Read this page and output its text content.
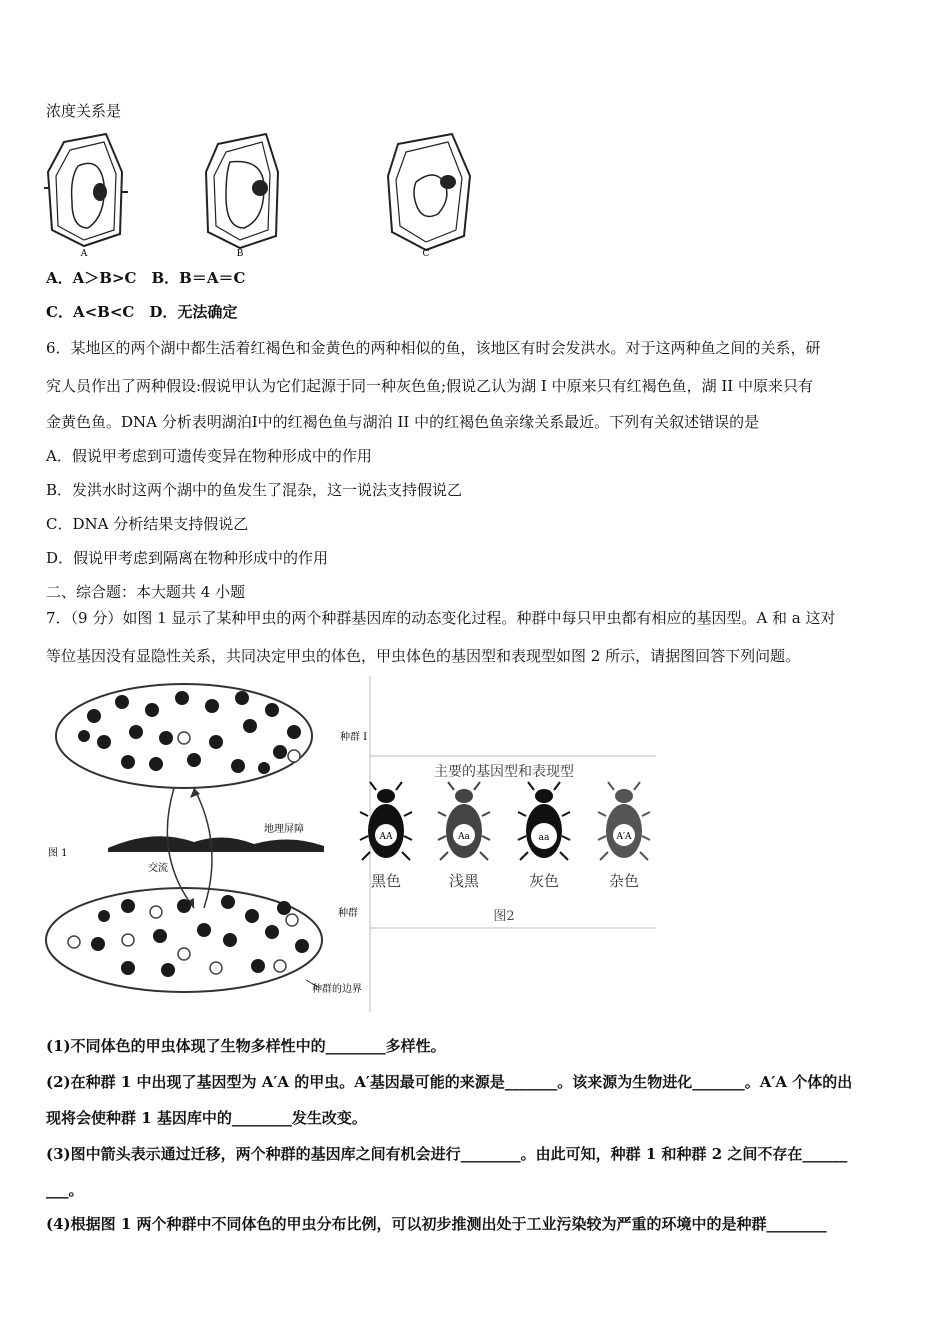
浓度关系是
A	B	C
A．A＞B>C　B．B＝A＝C
C．A<B<C　D．无法确定
6．某地区的两个湖中都生活着红褐色和金黄色的两种相似的鱼，该地区有时会发洪水。对于这两种鱼之间的关系，研
究人员作出了两种假设:假说甲认为它们起源于同一种灰色鱼;假说乙认为湖 I 中原来只有红褐色鱼，湖 II 中原来只有
金黄色鱼。DNA 分析表明湖泊Ⅰ中的红褐色鱼与湖泊 II 中的红褐色鱼亲缘关系最近。下列有关叙述错误的是
A．假说甲考虑到可遗传变异在物种形成中的作用
B．发洪水时这两个湖中的鱼发生了混杂，这一说法支持假说乙
C．DNA 分析结果支持假说乙
D．假说甲考虑到隔离在物种形成中的作用
二、综合题：本大题共 4 小题
7．（9 分）如图 1 显示了某种甲虫的两个种群基因库的动态变化过程。种群中每只甲虫都有相应的基因型。A 和 a 这对
等位基因没有显隐性关系，共同决定甲虫的体色，甲虫体色的基因型和表现型如图 2 所示，请据图回答下列问题。
种群 I
图 1
地理屏障
交流
种群
种群的边界
主要的基因型和表现型
AA
黑色
Aa
浅黑
aa
灰色
A′A
杂色
图2
(1)不同体色的甲虫体现了生物多样性中的________多样性。
(2)在种群 1 中出现了基因型为 A′A 的甲虫。A′基因最可能的来源是_______。该来源为生物进化_______。A′A 个体的出
现将会使种群 1 基因库中的________发生改变。
(3)图中箭头表示通过迁移，两个种群的基因库之间有机会进行________。由此可知，种群 1 和种群 2 之间不存在______
___。
(4)根据图 1 两个种群中不同体色的甲虫分布比例，可以初步推测出处于工业污染较为严重的环境中的是种群________
